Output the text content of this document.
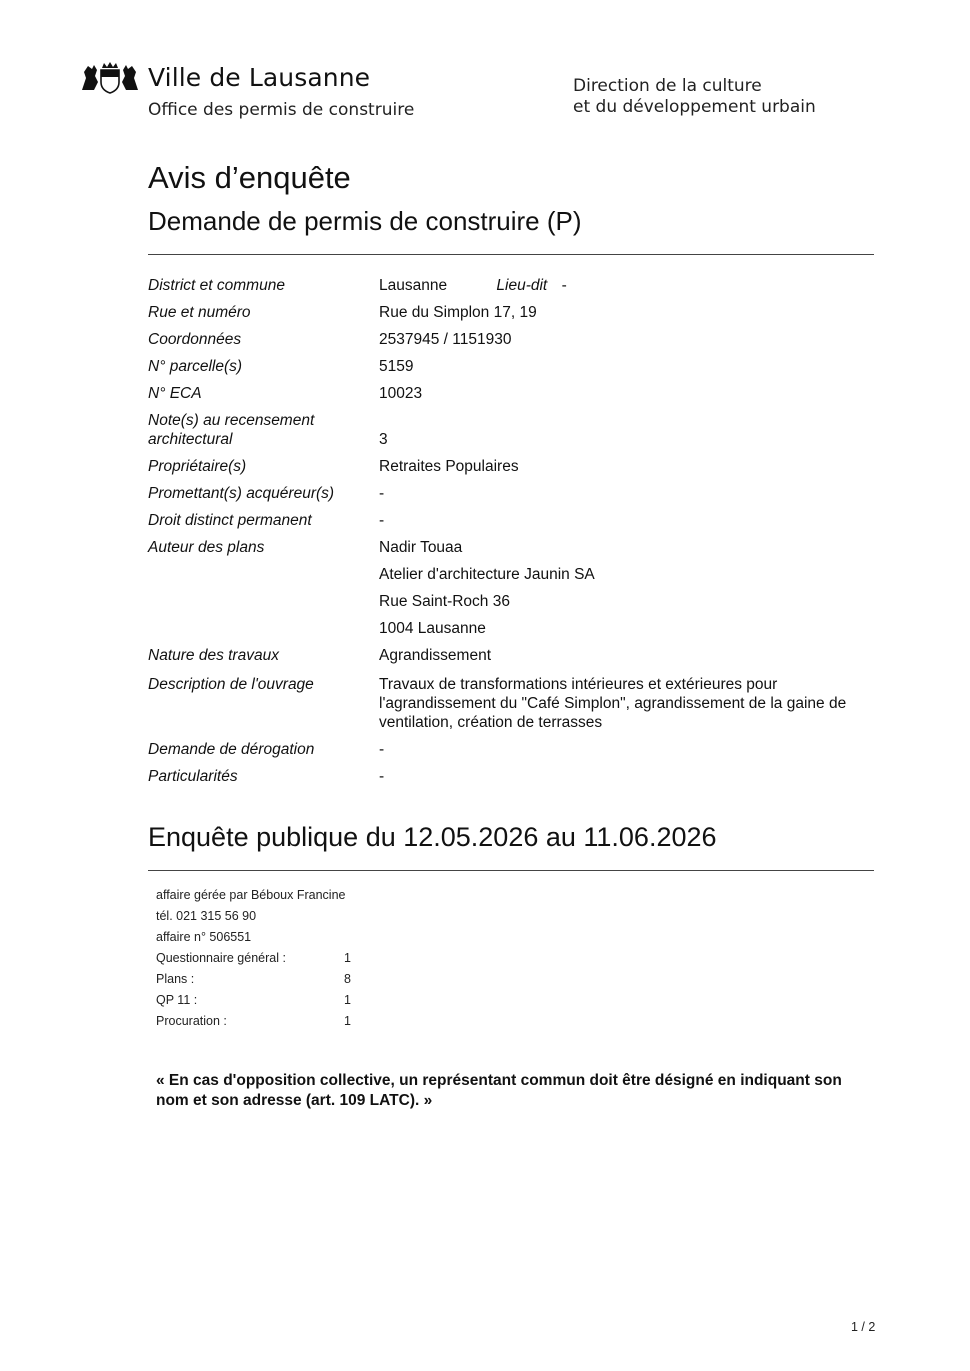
Ville de Lausanne
Office des permis de construire
Direction de la culture
et du développement urbain
Avis d’enquête
Demande de permis de construire (P)
District et commune	Lausanne	Lieu-dit -
Rue et numéro	Rue du Simplon 17, 19
Coordonnées	2537945 / 1151930
N° parcelle(s)	5159
N° ECA	10023
Note(s) au recensement
architectural	3
Propriétaire(s)	Retraites Populaires
Promettant(s) acquéreur(s)	-
Droit distinct permanent	-
Auteur des plans	Nadir Touaa
Atelier d'architecture Jaunin SA
Rue Saint-Roch 36
1004 Lausanne
Nature des travaux	Agrandissement
Description de l'ouvrage	Travaux de transformations intérieures et extérieures pour l'agrandissement du "Café Simplon", agrandissement de la gaine de ventilation, création de terrasses
Demande de dérogation	-
Particularités	-
Enquête publique du 12.05.2026 au 11.06.2026
affaire gérée par Béboux Francine
tél. 021 315 56 90
affaire n° 506551
Questionnaire général :	1
Plans :	8
QP 11 :	1
Procuration :	1
« En cas d'opposition collective, un représentant commun doit être désigné en indiquant son nom et son adresse (art. 109 LATC). »
1 / 2
